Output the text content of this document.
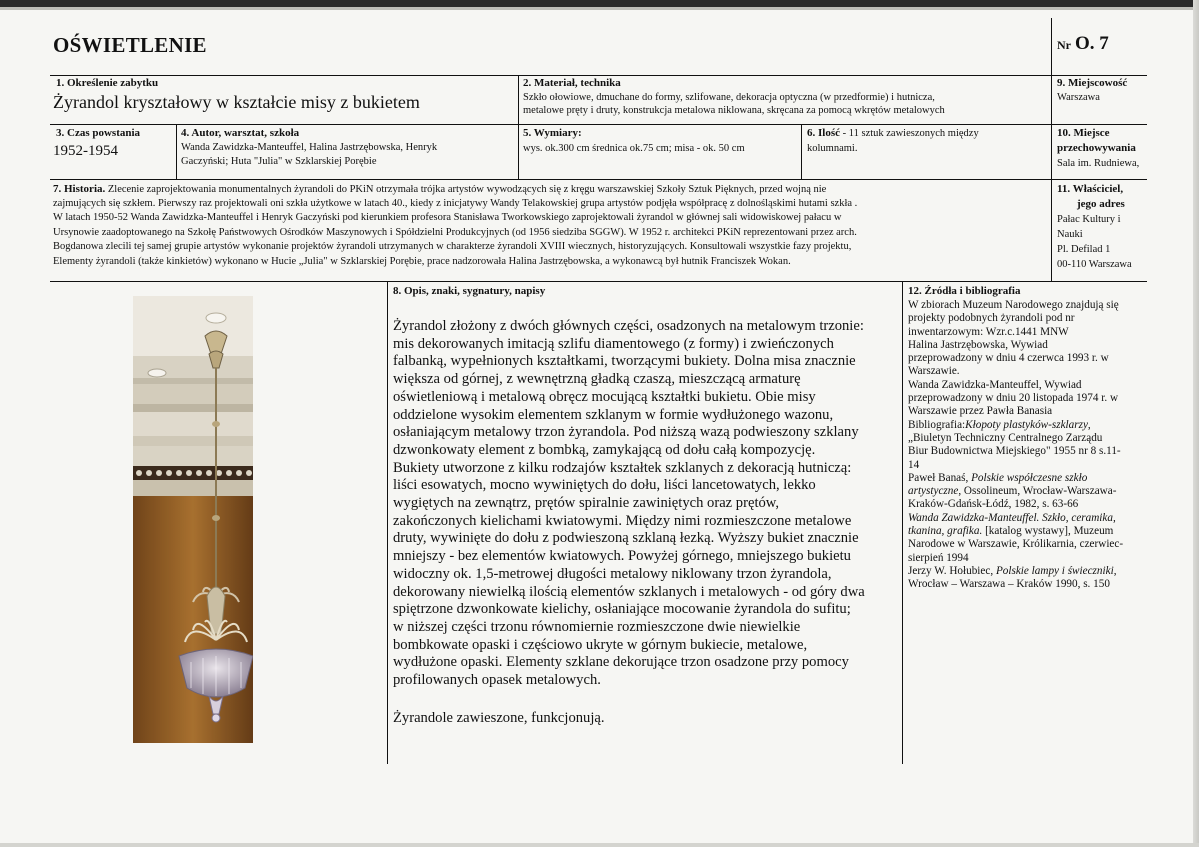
OŚWIETLENIE	Nr O. 7
1. Określenie zabytku
Żyrandol kryształowy w kształcie misy z bukietem
2. Materiał, technika
Szkło ołowiowe, dmuchane do formy, szlifowane, dekoracja optyczna (w przedformie) i hutnicza,
metalowe pręty i druty, konstrukcja metalowa niklowana, skręcana za pomocą wkrętów metalowych
9. Miejscowość
Warszawa
3. Czas powstania
1952-1954
4. Autor, warsztat, szkoła
Wanda Zawidzka-Manteuffel, Halina Jastrzębowska, Henryk
Gaczyński; Huta "Julia" w Szklarskiej Porębie
5. Wymiary:
wys. ok.300 cm średnica ok.75 cm; misa - ok. 50 cm
6. Ilość - 11 sztuk zawieszonych między
kolumnami.
10. Miejsce
przechowywania
Sala im. Rudniewa,
7. Historia. Zlecenie zaprojektowania monumentalnych żyrandoli do PKiN otrzymała trójka artystów wywodzących się z kręgu warszawskiej Szkoły Sztuk Pięknych, przed wojną nie
zajmujących się szkłem. Pierwszy raz projektowali oni szkła użytkowe w latach 40., kiedy z inicjatywy Wandy Telakowskiej grupa artystów podjęła współpracę z dolnośląskimi hutami szkła .
W latach 1950-52 Wanda Zawidzka-Manteuffel i Henryk Gaczyński pod kierunkiem profesora Stanisława Tworkowskiego zaprojektowali żyrandol w głównej sali widowiskowej pałacu w
Ursynowie zaadoptowanego na Szkołę Państwowych Ośrodków Maszynowych i Spółdzielni Produkcyjnych (od 1956 siedziba SGGW). W 1952 r. architekci PKiN reprezentowani przez arch.
Bogdanowa zlecili tej samej grupie artystów wykonanie projektów żyrandoli utrzymanych w charakterze żyrandoli XVIII wiecznych, historyzujących. Konsultowali wszystkie fazy projektu,
Elementy żyrandoli (także kinkietów) wykonano w Hucie „Julia" w Szklarskiej Porębie, prace nadzorowała Halina Jastrzębowska, a wykonawcą był hutnik Franciszek Wokan.
11. Właściciel,
jego adres
Pałac Kultury i
Nauki
Pl. Defilad 1
00-110 Warszawa
8. Opis, znaki, sygnatury, napisy
Żyrandol złożony z dwóch głównych części, osadzonych na metalowym trzonie:
mis dekorowanych imitacją szlifu diamentowego (z formy) i zwieńczonych
falbanką, wypełnionych kształtkami, tworzącymi bukiety. Dolna misa znacznie
większa od górnej, z wewnętrzną gładką czaszą, mieszczącą armaturę
oświetleniową i metalową obręcz mocującą kształtki bukietu. Obie misy
oddzielone wysokim elementem szklanym w formie wydłużonego wazonu,
osłaniającym metalowy trzon żyrandola. Pod niższą wazą podwieszony szklany
dzwonkowaty element z bombką, zamykającą od dołu całą kompozycję.
Bukiety utworzone z kilku rodzajów kształtek szklanych z dekoracją hutniczą:
liści esowatych, mocno wywiniętych do dołu, liści lancetowatych, lekko
wygiętych na zewnątrz, prętów spiralnie zawiniętych oraz prętów,
zakończonych kielichami kwiatowymi. Między nimi rozmieszczone metalowe
druty, wywinięte do dołu z podwieszoną szklaną łezką. Wyższy bukiet znacznie
mniejszy - bez elementów kwiatowych. Powyżej górnego, mniejszego bukietu
widoczny ok. 1,5-metrowej długości metalowy niklowany trzon żyrandola,
dekorowany niewielką ilością elementów szklanych i metalowych - od góry dwa
spiętrzone dzwonkowate kielichy, osłaniające mocowanie żyrandola do sufitu;
w niższej części trzonu równomiernie rozmieszczone dwie niewielkie
bombkowate opaski i częściowo ukryte w górnym bukiecie, metalowe,
wydłużone opaski. Elementy szklane dekorujące trzon osadzone przy pomocy
profilowanych opasek metalowych.
Żyrandole zawieszone, funkcjonują.
12. Źródła i bibliografia
W zbiorach Muzeum Narodowego znajdują się
projekty podobnych żyrandoli pod nr
inwentarzowym: Wzr.c.1441 MNW
Halina Jastrzębowska, Wywiad
przeprowadzony w dniu 4 czerwca 1993 r. w
Warszawie.
Wanda Zawidzka-Manteuffel, Wywiad
przeprowadzony w dniu 20 listopada 1974 r. w
Warszawie przez Pawła Banasia
Bibliografia:Kłopoty plastyków-szklarzy,
„Biuletyn Techniczny Centralnego Zarządu
Biur Budownictwa Miejskiego" 1955 nr 8 s.11-
14
Paweł Banaś, Polskie współczesne szkło
artystyczne, Ossolineum, Wrocław-Warszawa-
Kraków-Gdańsk-Łódź, 1982, s. 63-66
Wanda Zawidzka-Manteuffel. Szkło, ceramika,
tkanina, grafika. [katalog wystawy], Muzeum
Narodowe w Warszawie, Królikarnia, czerwiec-
sierpień 1994
Jerzy W. Hołubiec, Polskie lampy i świeczniki,
Wrocław – Warszawa – Kraków 1990, s. 150
